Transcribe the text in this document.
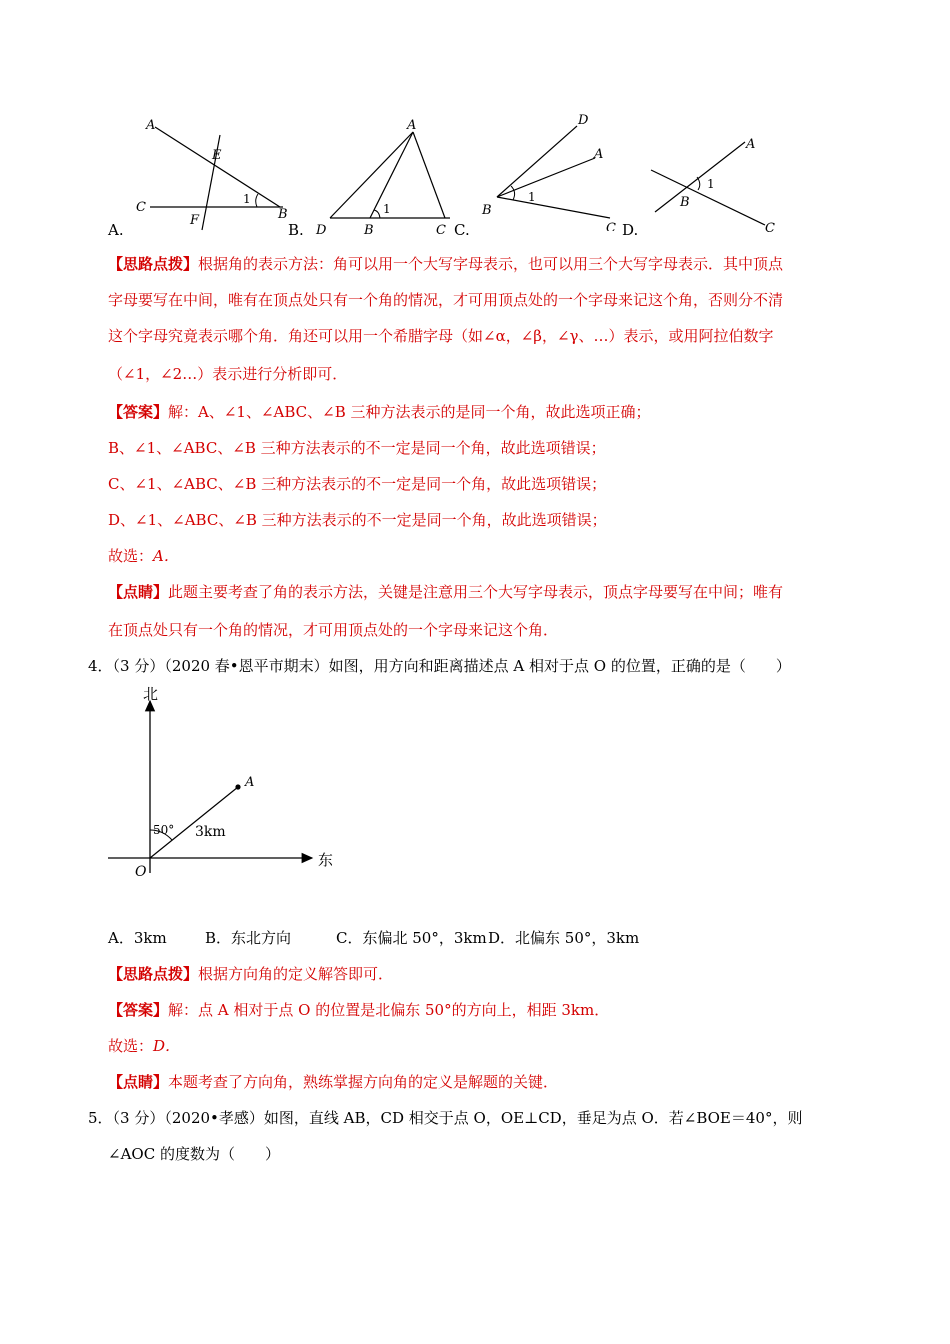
A.
A
E
C
F	B
1
B.
A
D	B	C
1
C.
D
A
B
C
1
D.
A
B
C
1
【思路点拨】根据角的表示方法：角可以用一个大写字母表示，也可以用三个大写字母表示．其中顶点
字母要写在中间，唯有在顶点处只有一个角的情况，才可用顶点处的一个字母来记这个角，否则分不清
这个字母究竟表示哪个角．角还可以用一个希腊字母（如∠α，∠β，∠γ、…）表示，或用阿拉伯数字
（∠1，∠2…）表示进行分析即可．
【答案】解：A、∠1、∠ABC、∠B 三种方法表示的是同一个角，故此选项正确；
B、∠1、∠ABC、∠B 三种方法表示的不一定是同一个角，故此选项错误；
C、∠1、∠ABC、∠B 三种方法表示的不一定是同一个角，故此选项错误；
D、∠1、∠ABC、∠B 三种方法表示的不一定是同一个角，故此选项错误；
故选：A．
【点睛】此题主要考查了角的表示方法，关键是注意用三个大写字母表示，顶点字母要写在中间；唯有
在顶点处只有一个角的情况，才可用顶点处的一个字母来记这个角．
4．（3 分）（2020 春•恩平市期末）如图，用方向和距离描述点 A 相对于点 O 的位置，正确的是（　　）
北
东
O
A
50° 3km
A．3km	B．东北方向	C．东偏北 50°，3km D．北偏东 50°，3km
【思路点拨】根据方向角的定义解答即可．
【答案】解：点 A 相对于点 O 的位置是北偏东 50°的方向上，相距 3km．
故选：D．
【点睛】本题考查了方向角，熟练掌握方向角的定义是解题的关键．
5．（3 分）（2020•孝感）如图，直线 AB，CD 相交于点 O，OE⊥CD，垂足为点 O．若∠BOE＝40°，则
∠AOC 的度数为（　　）
